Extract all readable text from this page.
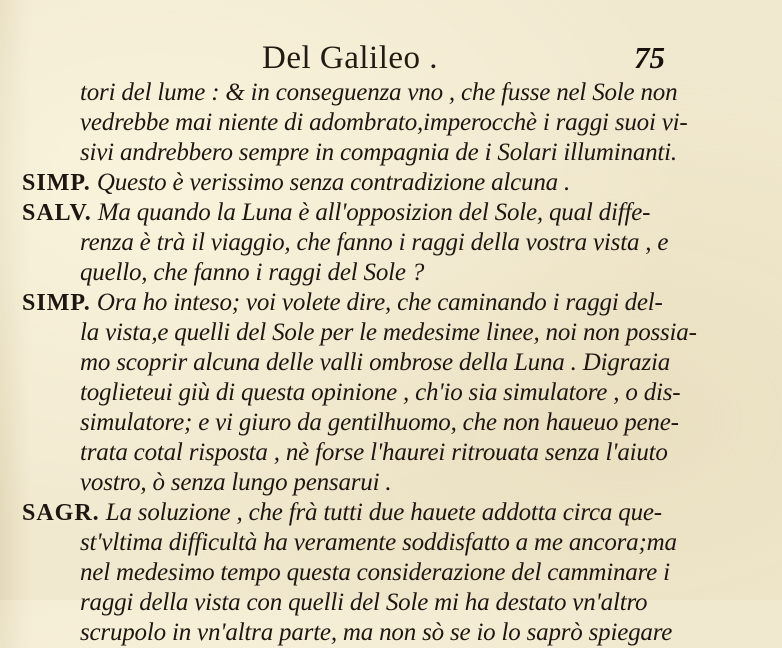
Del Galileo .	75
tori del lume : & in conseguenza vno , che fusse nel Sole non
vedrebbe mai niente di adombrato,imperocchè i raggi suoi vi-
sivi andrebbero sempre in compagnia de i Solari illuminanti.
SIMP. Questo è verissimo senza contradizione alcuna .
SALV. Ma quando la Luna è all'opposizion del Sole, qual diffe-
renza è trà il viaggio, che fanno i raggi della vostra vista , e
quello, che fanno i raggi del Sole ?
SIMP. Ora ho inteso; voi volete dire, che caminando i raggi del-
la vista,e quelli del Sole per le medesime linee, noi non possia-
mo scoprir alcuna delle valli ombrose della Luna . Digrazia
toglieteui giù di questa opinione , ch'io sia simulatore , o dis-
simulatore; e vi giuro da gentilhuomo, che non haueuo pene-
trata cotal risposta , nè forse l'haurei ritrouata senza l'aiuto
vostro, ò senza lungo pensarui .
SAGR. La soluzione , che frà tutti due hauete addotta circa que-
st'vltima difficultà ha veramente soddisfatto a me ancora;ma
nel medesimo tempo questa considerazione del camminare i
raggi della vista con quelli del Sole mi ha destato vn'altro
scrupolo in vn'altra parte, ma non sò se io lo saprò spiegare
